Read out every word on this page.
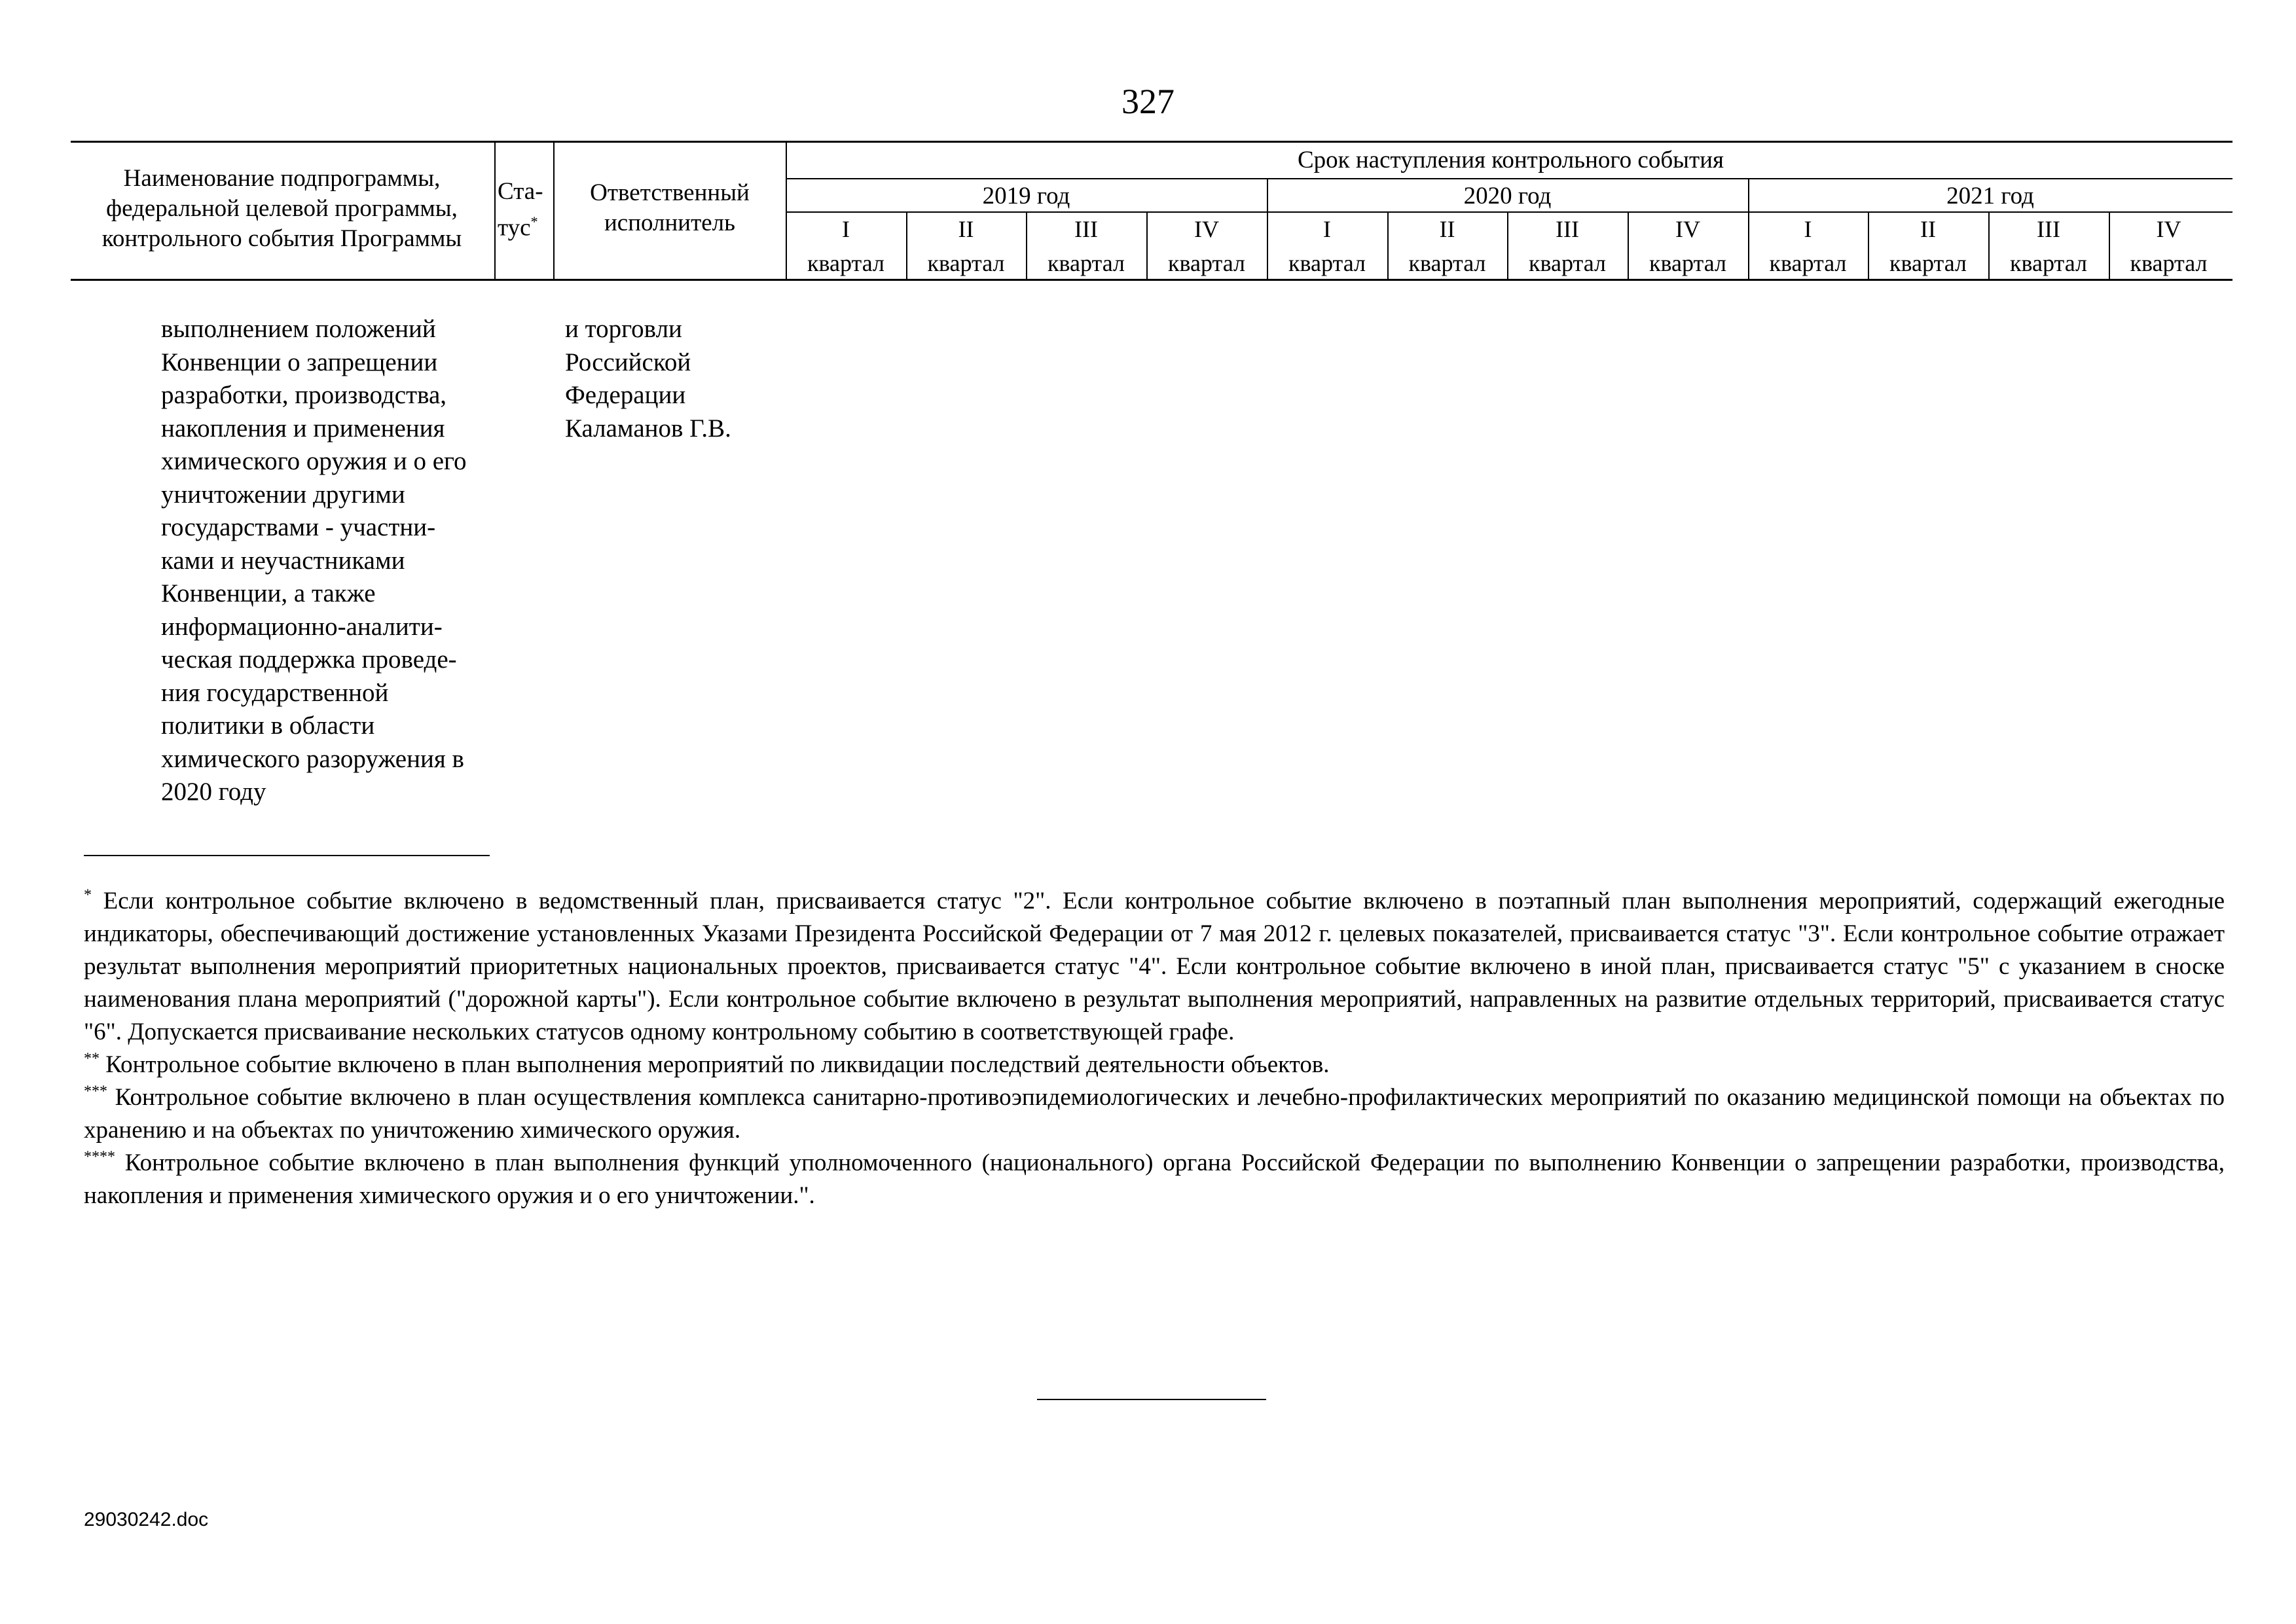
327
Наименование подпрограммы, федеральной целевой программы, контрольного события Программы
Ста-тус*
Ответственный исполнитель
Срок наступления контрольного события
2019 год	2020 год	2021 год
I
квартал
II
квартал
III
квартал
IV
квартал
I
квартал
II
квартал
III
квартал
IV
квартал
I
квартал
II
квартал
III
квартал
IV
квартал
выполнением положений
Конвенции о запрещении
разработки, производства,
накопления и применения
химического оружия и о его
уничтожении другими
государствами - участни-
ками и неучастниками
Конвенции, а также
информационно-аналити-
ческая поддержка проведе-
ния государственной
политики в области
химического разоружения в
2020 году
и торговли
Российской
Федерации
Каламанов Г.В.
* Если контрольное событие включено в ведомственный план, присваивается статус "2". Если контрольное событие включено в поэтапный план выполнения мероприятий, содержащий ежегодные индикаторы, обеспечивающий достижение установленных Указами Президента Российской Федерации от 7 мая 2012 г. целевых показателей, присваивается статус "3". Если контрольное событие отражает результат выполнения мероприятий приоритетных национальных проектов, присваивается статус "4". Если контрольное событие включено в иной план, присваивается статус "5" с указанием в сноске наименования плана мероприятий ("дорожной карты"). Если контрольное событие включено в результат выполнения мероприятий, направленных на развитие отдельных территорий, присваивается статус "6". Допускается присваивание нескольких статусов одному контрольному событию в соответствующей графе.
** Контрольное событие включено в план выполнения мероприятий по ликвидации последствий деятельности объектов.
*** Контрольное событие включено в план осуществления комплекса санитарно-противоэпидемиологических и лечебно-профилактических мероприятий по оказанию медицинской помощи на объектах по хранению и на объектах по уничтожению химического оружия.
**** Контрольное событие включено в план выполнения функций уполномоченного (национального) органа Российской Федерации по выполнению Конвенции о запрещении разработки, производства, накопления и применения химического оружия и о его уничтожении.".
29030242.doc
